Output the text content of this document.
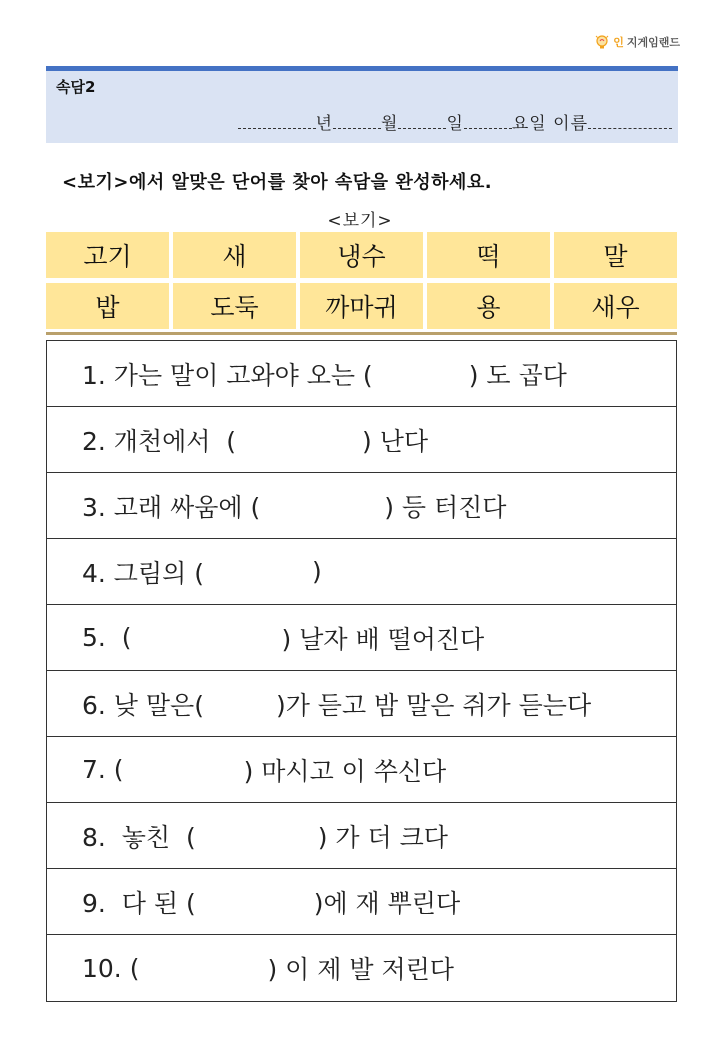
인 지게임랜드
속담2
년	월	일	요일 이름
<보기>에서 알맞은 단어를 찾아 속담을 완성하세요.
<보기>
고기	새	냉수	떡	말
밥	도둑	까마귀	용	새우
1. 가는 말이 고와야 오는 (	) 도 곱다
2. 개천에서  (	) 난다
3. 고래 싸움에 (	) 등 터진다
4. 그림의 (	)
5.  (	) 날자 배 떨어진다
6. 낮 말은(	)가 듣고 밤 말은 쥐가 듣는다
7. (	) 마시고 이 쑤신다
8.  놓친  (	) 가 더 크다
9.  다 된 (	)에 재 뿌린다
10. (	) 이 제 발 저린다
